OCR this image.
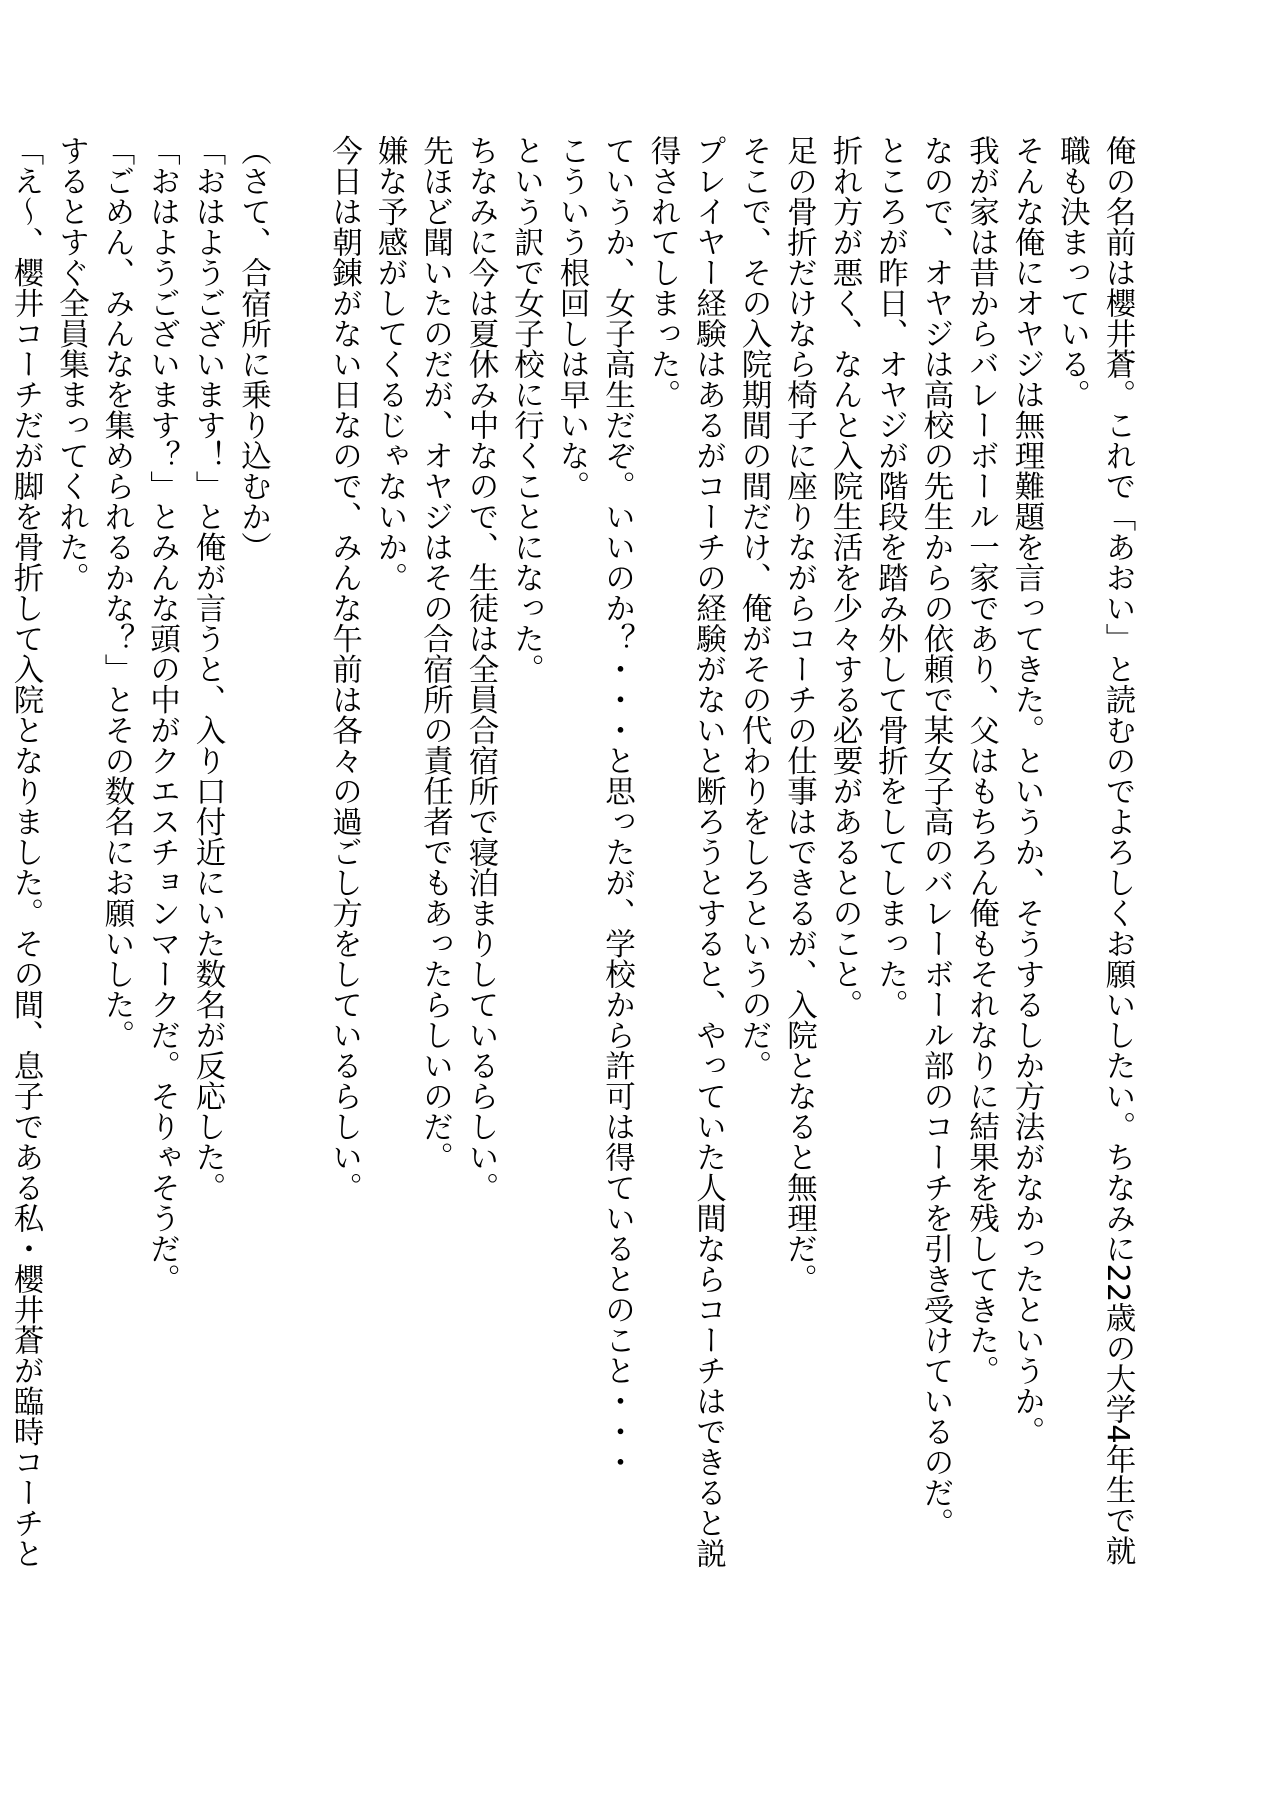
俺の名前は櫻井蒼。これで「あおい」と読むのでよろしくお願いしたい。ちなみに22歳の大学4年生で就
職も決まっている。
そんな俺にオヤジは無理難題を言ってきた。というか、そうするしか方法がなかったというか。
我が家は昔からバレーボール一家であり、父はもちろん俺もそれなりに結果を残してきた。
なので、オヤジは高校の先生からの依頼で某女子高のバレーボール部のコーチを引き受けているのだ。
ところが昨日、オヤジが階段を踏み外して骨折をしてしまった。
折れ方が悪く、なんと入院生活を少々する必要があるとのこと。
足の骨折だけなら椅子に座りながらコーチの仕事はできるが、入院となると無理だ。
そこで、その入院期間の間だけ、俺がその代わりをしろというのだ。
プレイヤー経験はあるがコーチの経験がないと断ろうとすると、やっていた人間ならコーチはできると説
得されてしまった。
ていうか、女子高生だぞ。いいのか？・・・と思ったが、学校から許可は得ているとのこと・・・
こういう根回しは早いな。
という訳で女子校に行くことになった。
ちなみに今は夏休み中なので、生徒は全員合宿所で寝泊まりしているらしい。
先ほど聞いたのだが、オヤジはその合宿所の責任者でもあったらしいのだ。
嫌な予感がしてくるじゃないか。
今日は朝錬がない日なので、みんな午前は各々の過ごし方をしているらしい。
（さて、合宿所に乗り込むか）
「おはようございます！」と俺が言うと、入り口付近にいた数名が反応した。
「おはようございます？」とみんな頭の中がクエスチョンマークだ。そりゃそうだ。
「ごめん、みんなを集められるかな？」とその数名にお願いした。
するとすぐ全員集まってくれた。
「え～、櫻井コーチだが脚を骨折して入院となりました。その間、息子である私・櫻井蒼が臨時コーチと
